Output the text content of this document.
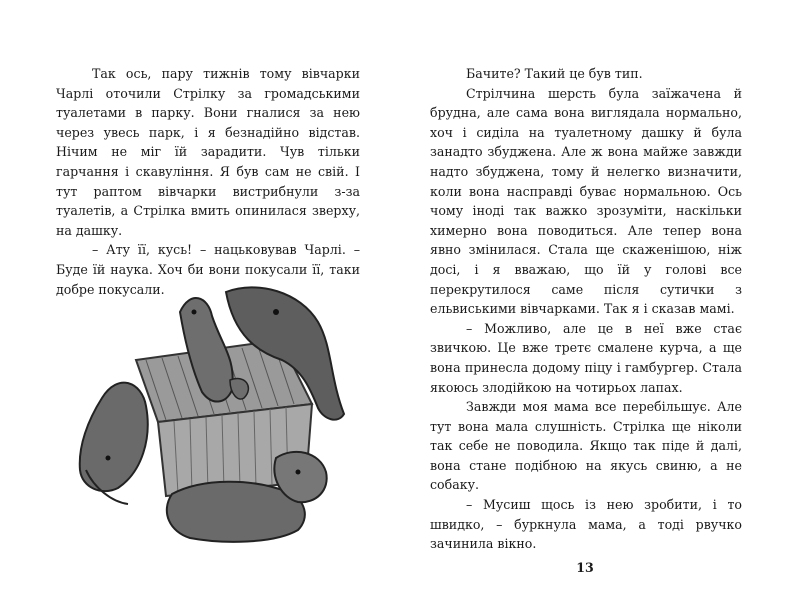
Так ось, пару тижнів тому вівчарки Чарлі оточили Стрілку за громадськими туалетами в парку. Вони гналися за нею через увесь парк, і я безнадійно відстав. Нічим не міг їй зарадити. Чув тільки гарчання і скавуління. Я був сам не свій. І тут раптом вівчарки вистрибнули з-за туалетів, а Стрілка вмить опинилася зверху, на дашку.

– Ату її, кусь! – нацьковував Чарлі. – Буде їй наука. Хоч би вони покусали її, таки добре покусали.

Бачите? Такий це був тип.

Стрілчина шерсть була заїжачена й брудна, але сама вона виглядала нормально, хоч і сиділа на туалетному дашку й була занадто збуджена. Але ж вона майже завжди надто збуджена, тому й нелегко визначити, коли вона насправді буває нормальною. Ось чому іноді так важко зрозуміти, наскільки химерно вона поводиться. Але тепер вона явно змінилася. Стала ще скаженішою, ніж досі, і я вважаю, що їй у голові все перекрутилося саме після сутички з ельвиськими вівчарками. Так я і сказав мамі.

– Можливо, але це в неї вже стає звичкою. Це вже третє смалене курча, а ще вона принесла додому піцу і гамбургер. Стала якоюсь злодійкою на чотирьох лапах.

Завжди моя мама все перебільшує. Але тут вона мала слушність. Стрілка ще ніколи так себе не поводила. Якщо так піде й далі, вона стане подібною на якусь свиню, а не собаку.

– Мусиш щось із нею зробити, і то швидко, – буркнула мама, а тоді рвучко зачинила вікно.

13
